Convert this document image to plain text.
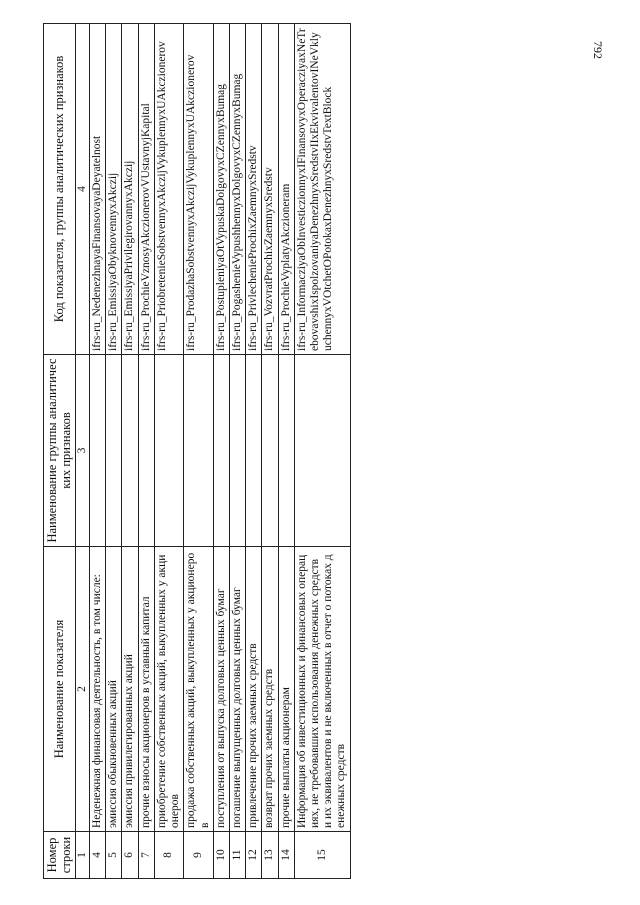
792
Номер строки	Наименование показателя	Наименование группы аналитических признаков	Код показателя, группы аналитических признаков
1	2	3	4
4	Неденежная финансовая деятельность, в том числе:		ifrs-ru_NedenezhnayaFinansovayaDeyatelnost
5	эмиссия обыкновенных акций		ifrs-ru_EmissiyaObyknovennyxAkczij
6	эмиссия привилегированных акций		ifrs-ru_EmissiyaPrivilegirovannyxAkczij
7	прочие взносы акционеров в уставный капитал		ifrs-ru_ProchieVznosyAkczionerovVUstavnyjKapital
8	приобретение собственных акций, выкупленных у акционеров		ifrs-ru_PriobretenieSobstvennyxAkczijVykuplennyxUAkczionerov
9	продажа собственных акций, выкупленных у акционеров		ifrs-ru_ProdazhaSobstvennyxAkczijVykuplennyxUAkczionerov
10	поступления от выпуска долговых ценных бумаг		ifrs-ru_PostupleniyaOtVypuskaDolgovyxCZennyxBumag
11	погашение выпущенных долговых ценных бумаг		ifrs-ru_PogashenieVypushhennyxDolgovyxCZennyxBumag
12	привлечение прочих заемных средств		ifrs-ru_PrivlechenieProchixZaemnyxSredstv
13	возврат прочих заемных средств		ifrs-ru_VozvratProchixZaemnyxSredstv
14	прочие выплаты акционерам		ifrs-ru_ProchieVyplatyAkczioneram
15	Информация об инвестиционных и финансовых операциях, не требовавших использования денежных средств и их эквивалентов и не включенных в отчет о потоках денежных средств		ifrs-ru_InformacziyaObInvesticzionnyxIFinansovyxOperacziyaxNeTrebovavshixIspolzovaniyaDenezhnyxSredstvIIxEkvivalentovINeVklyuchennyxVOtchetOPotokaxDenezhnyxSredstvTextBlock
